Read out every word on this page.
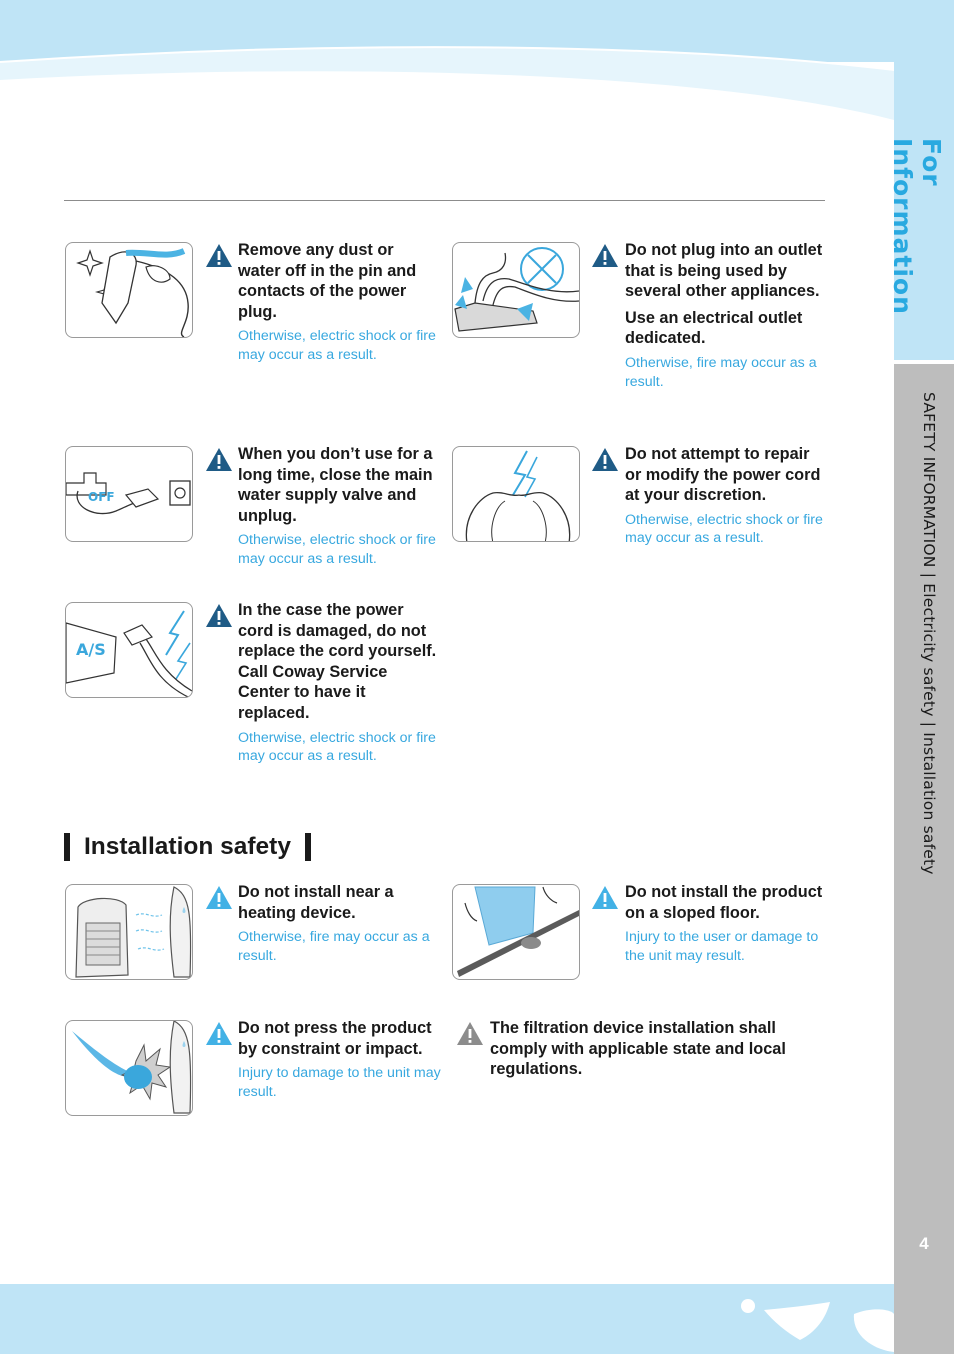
For Information
SAFETY INFORMATION | Electricity safety | Installation safety
4
Remove any dust or water off in the pin and contacts of the power plug.
Otherwise, electric shock or fire may occur as a result.
Do not plug into an outlet that is being used by several other appliances.
Use an electrical outlet dedicated.
Otherwise, fire may occur as a result.
OFF
When you don’t use for a long time, close the main water supply valve and unplug.
Otherwise, electric shock or fire may occur as a result.
Do not attempt to repair or modify the power cord at your discretion.
Otherwise, electric shock or fire may occur as a result.
A/S
In the case the power cord is damaged, do not replace the cord yourself. Call Coway Service Center to have it replaced.
Otherwise, electric shock or fire may occur as a result.
Installation safety
Do not install near a heating device.
Otherwise, fire may occur as a result.
Do not install the product on a sloped floor.
Injury to the user or damage to the unit may result.
Do not press the product by constraint or impact.
Injury to damage to the unit may result.
The filtration device installation shall comply with applicable state and local regulations.
